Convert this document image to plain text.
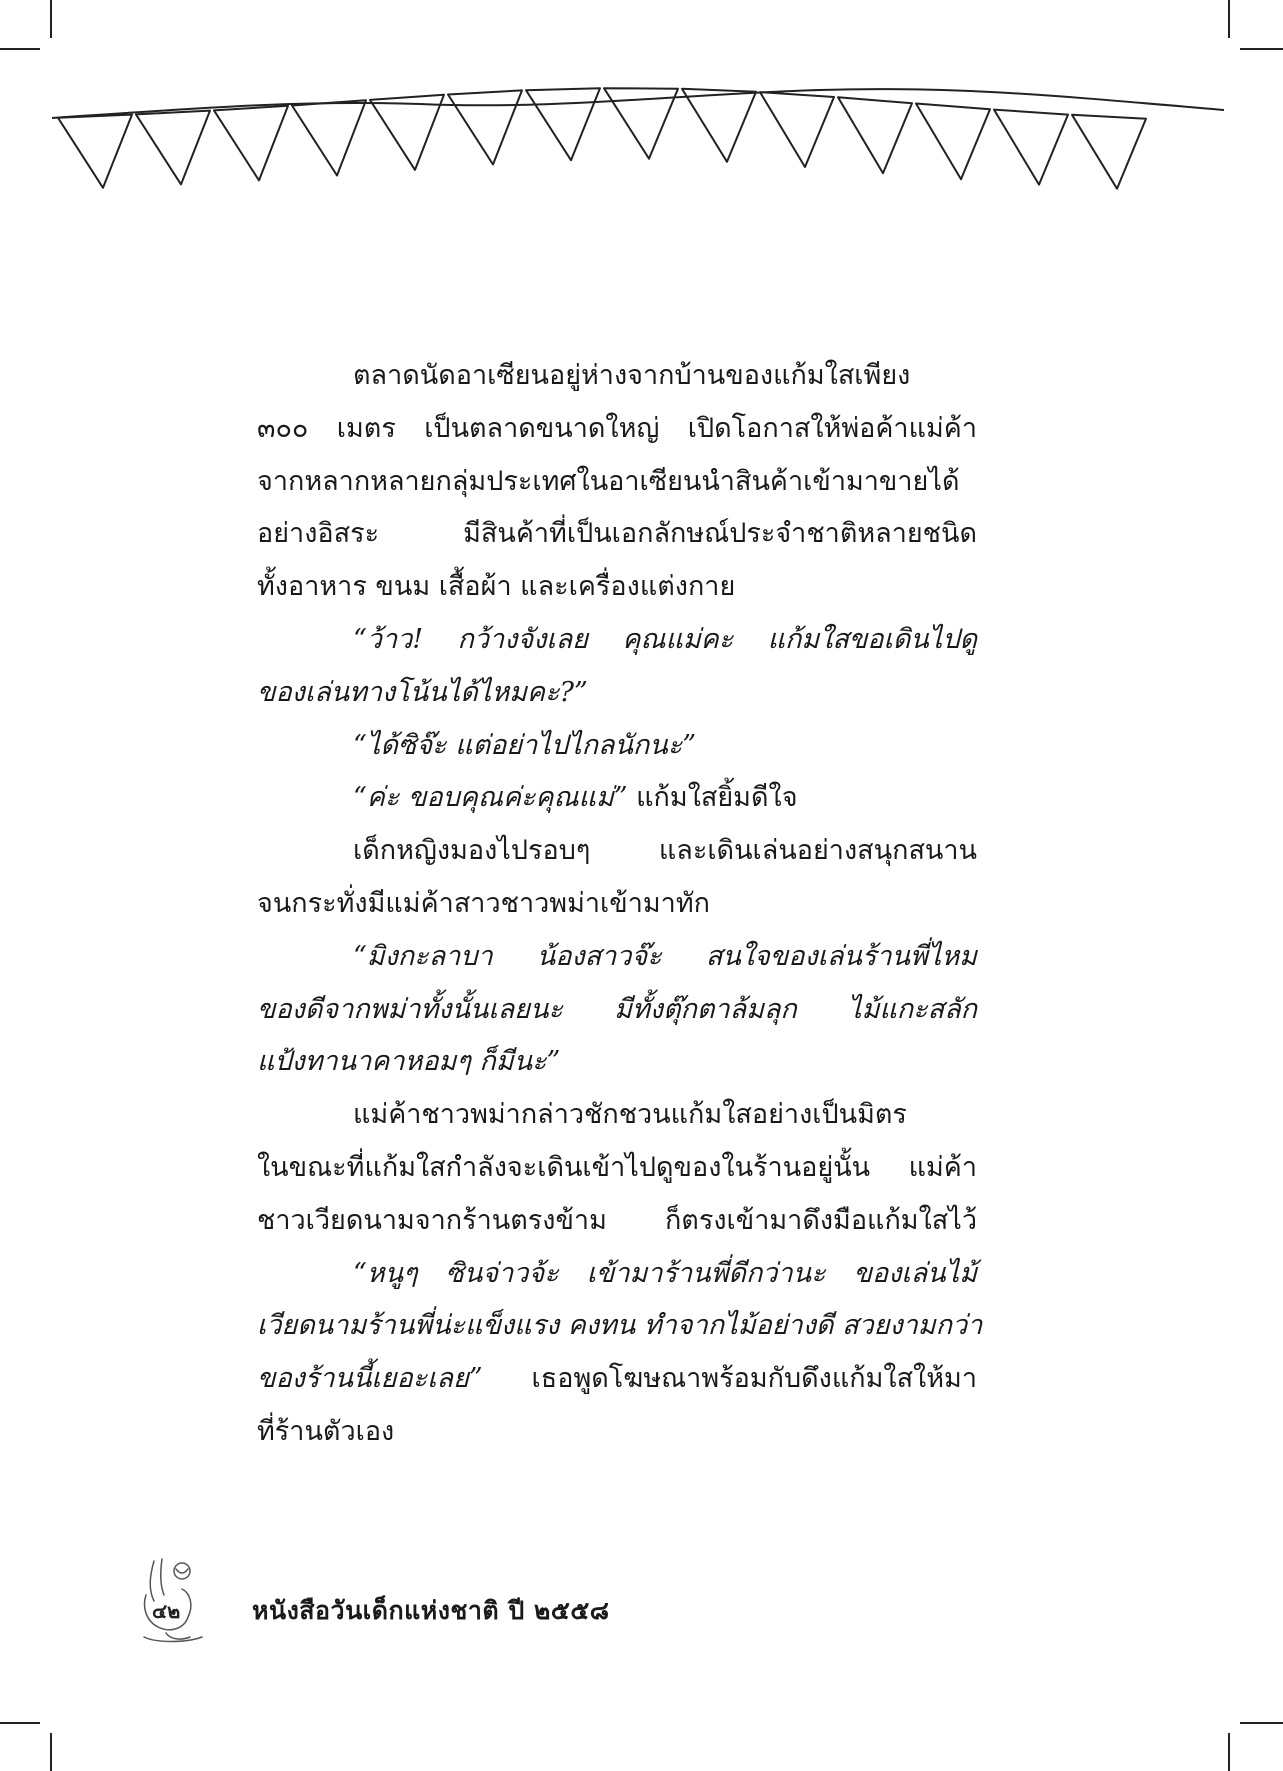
ตลาดนัดอาเซียนอยู่ห่างจากบ้านของแก้มใสเพียง
๓๐๐ เมตร เป็นตลาดขนาดใหญ่ เปิดโอกาสให้พ่อค้าแม่ค้า
จากหลากหลายกลุ่มประเทศในอาเซียนนำสินค้าเข้ามาขายได้
อย่างอิสระ มีสินค้าที่เป็นเอกลักษณ์ประจำชาติหลายชนิด
ทั้งอาหาร ขนม เสื้อผ้า และเครื่องแต่งกาย
“ว้าว! กว้างจังเลย คุณแม่คะ แก้มใสขอเดินไปดู
ของเล่นทางโน้นได้ไหมคะ?”
“ได้ซิจ๊ะ แต่อย่าไปไกลนักนะ”
“ค่ะ ขอบคุณค่ะคุณแม่” แก้มใสยิ้มดีใจ
เด็กหญิงมองไปรอบๆ และเดินเล่นอย่างสนุกสนาน
จนกระทั่งมีแม่ค้าสาวชาวพม่าเข้ามาทัก
“มิงกะลาบา น้องสาวจ๊ะ สนใจของเล่นร้านพี่ไหม
ของดีจากพม่าทั้งนั้นเลยนะ มีทั้งตุ๊กตาล้มลุก ไม้แกะสลัก
แป้งทานาคาหอมๆ ก็มีนะ”
แม่ค้าชาวพม่ากล่าวชักชวนแก้มใสอย่างเป็นมิตร
ในขณะที่แก้มใสกำลังจะเดินเข้าไปดูของในร้านอยู่นั้น แม่ค้า
ชาวเวียดนามจากร้านตรงข้าม ก็ตรงเข้ามาดึงมือแก้มใสไว้
“หนูๆ ซินจ่าวจ้ะ เข้ามาร้านพี่ดีกว่านะ ของเล่นไม้
เวียดนามร้านพี่น่ะแข็งแรง คงทน ทำจากไม้อย่างดี สวยงามกว่า
ของร้านนี้เยอะเลย” เธอพูดโฆษณาพร้อมกับดึงแก้มใสให้มา
ที่ร้านตัวเอง
๔๒	หนังสือวันเด็กแห่งชาติ ปี ๒๕๕๘
